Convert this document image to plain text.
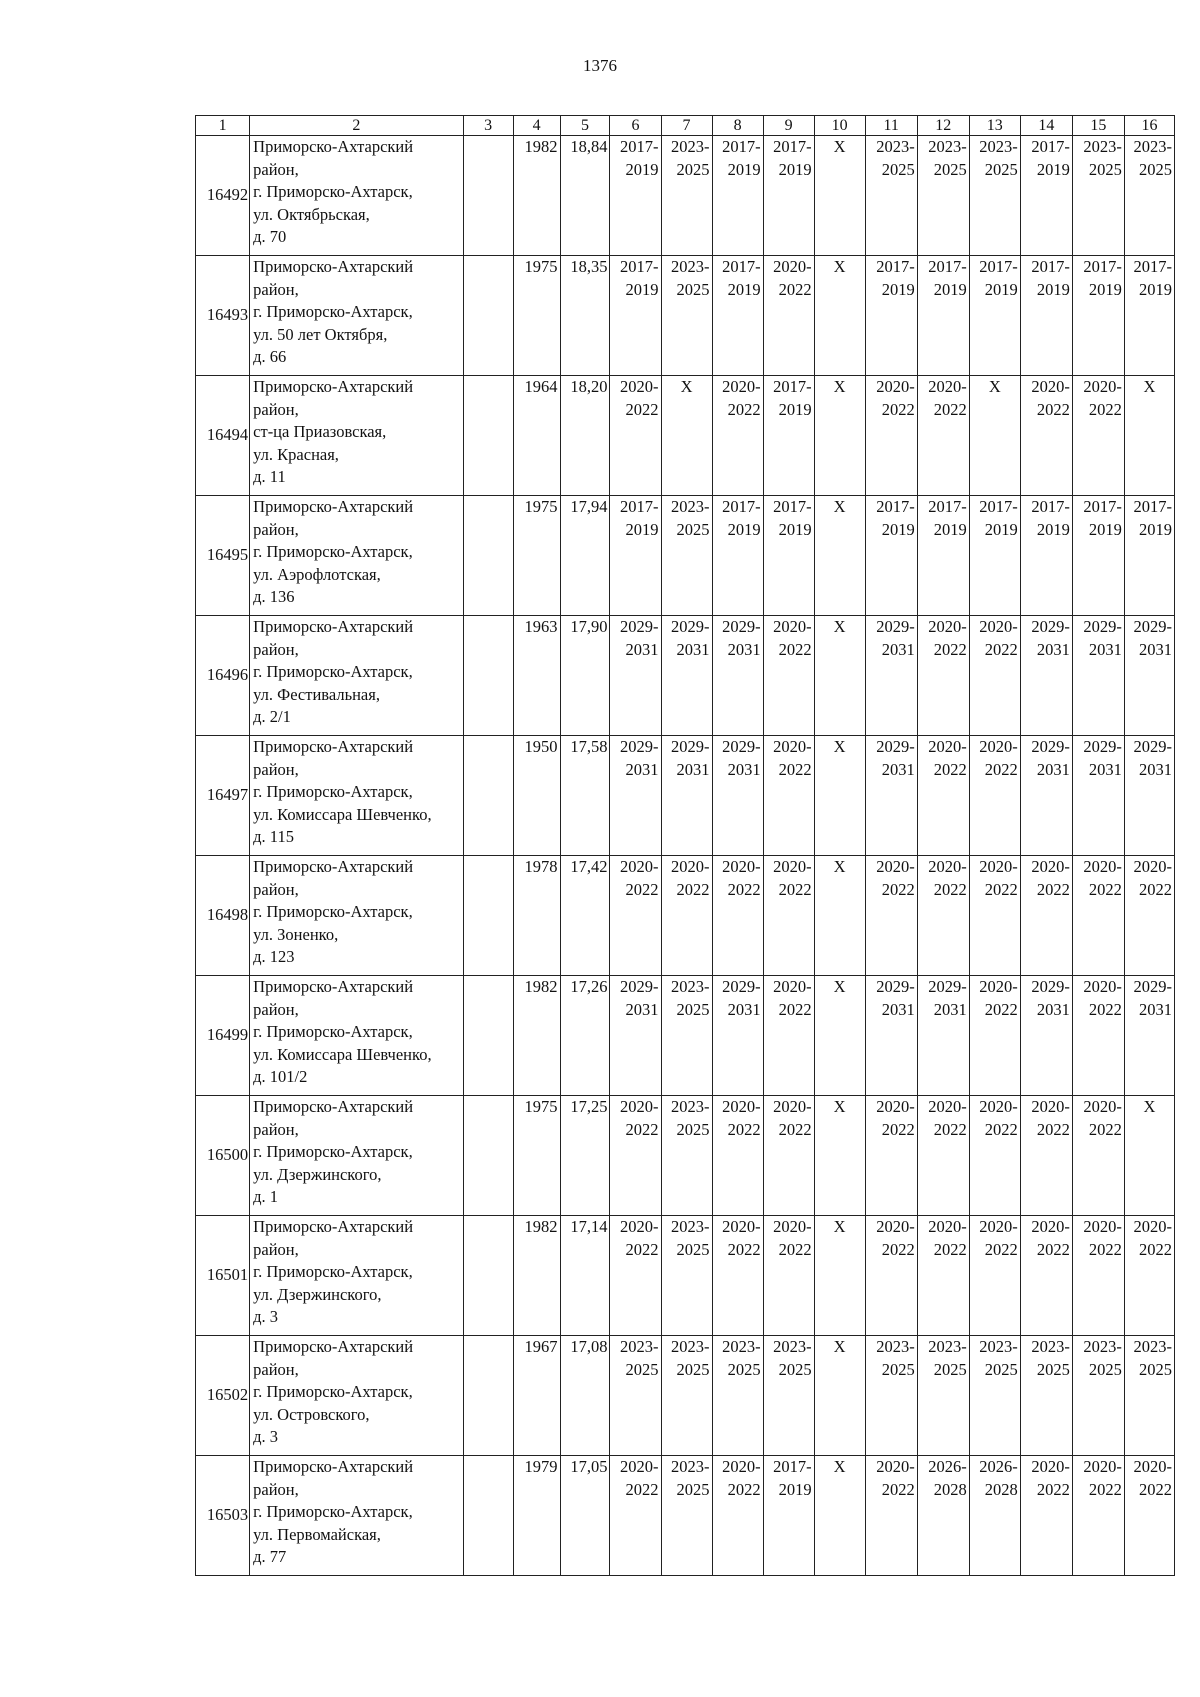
1376
1	2	3	4	5	6	7	8	9	10	11	12	13	14	15	16
16492	Приморско-Ахтарский
район,
г. Приморско-Ахтарск,
ул. Октябрьская,
д. 70		1982	18,84	2017-
2019	2023-
2025	2017-
2019	2017-
2019	X	2023-
2025	2023-
2025	2023-
2025	2017-
2019	2023-
2025	2023-
2025

16493	Приморско-Ахтарский
район,
г. Приморско-Ахтарск,
ул. 50 лет Октября,
д. 66		1975	18,35	2017-
2019	2023-
2025	2017-
2019	2020-
2022	X	2017-
2019	2017-
2019	2017-
2019	2017-
2019	2017-
2019	2017-
2019

16494	Приморско-Ахтарский
район,
ст-ца Приазовская,
ул. Красная,
д. 11		1964	18,20	2020-
2022	X	2020-
2022	2017-
2019	X	2020-
2022	2020-
2022	X	2020-
2022	2020-
2022	X
16495	Приморско-Ахтарский
район,
г. Приморско-Ахтарск,
ул. Аэрофлотская,
д. 136		1975	17,94	2017-
2019	2023-
2025	2017-
2019	2017-
2019	X	2017-
2019	2017-
2019	2017-
2019	2017-
2019	2017-
2019	2017-
2019

16496	Приморско-Ахтарский
район,
г. Приморско-Ахтарск,
ул. Фестивальная,
д. 2/1		1963	17,90	2029-
2031	2029-
2031	2029-
2031	2020-
2022	X	2029-
2031	2020-
2022	2020-
2022	2029-
2031	2029-
2031	2029-
2031

16497	Приморско-Ахтарский
район,
г. Приморско-Ахтарск,
ул. Комиссара Шевченко,
д. 115		1950	17,58	2029-
2031	2029-
2031	2029-
2031	2020-
2022	X	2029-
2031	2020-
2022	2020-
2022	2029-
2031	2029-
2031	2029-
2031

16498	Приморско-Ахтарский
район,
г. Приморско-Ахтарск,
ул. Зоненко,
д. 123		1978	17,42	2020-
2022	2020-
2022	2020-
2022	2020-
2022	X	2020-
2022	2020-
2022	2020-
2022	2020-
2022	2020-
2022	2020-
2022

16499	Приморско-Ахтарский
район,
г. Приморско-Ахтарск,
ул. Комиссара Шевченко,
д. 101/2		1982	17,26	2029-
2031	2023-
2025	2029-
2031	2020-
2022	X	2029-
2031	2029-
2031	2020-
2022	2029-
2031	2020-
2022	2029-
2031

16500	Приморско-Ахтарский
район,
г. Приморско-Ахтарск,
ул. Дзержинского,
д. 1		1975	17,25	2020-
2022	2023-
2025	2020-
2022	2020-
2022	X	2020-
2022	2020-
2022	2020-
2022	2020-
2022	2020-
2022	X
16501	Приморско-Ахтарский
район,
г. Приморско-Ахтарск,
ул. Дзержинского,
д. 3		1982	17,14	2020-
2022	2023-
2025	2020-
2022	2020-
2022	X	2020-
2022	2020-
2022	2020-
2022	2020-
2022	2020-
2022	2020-
2022

16502	Приморско-Ахтарский
район,
г. Приморско-Ахтарск,
ул. Островского,
д. 3		1967	17,08	2023-
2025	2023-
2025	2023-
2025	2023-
2025	X	2023-
2025	2023-
2025	2023-
2025	2023-
2025	2023-
2025	2023-
2025

16503	Приморско-Ахтарский
район,
г. Приморско-Ахтарск,
ул. Первомайская,
д. 77		1979	17,05	2020-
2022	2023-
2025	2020-
2022	2017-
2019	X	2020-
2022	2026-
2028	2026-
2028	2020-
2022	2020-
2022	2020-
2022
